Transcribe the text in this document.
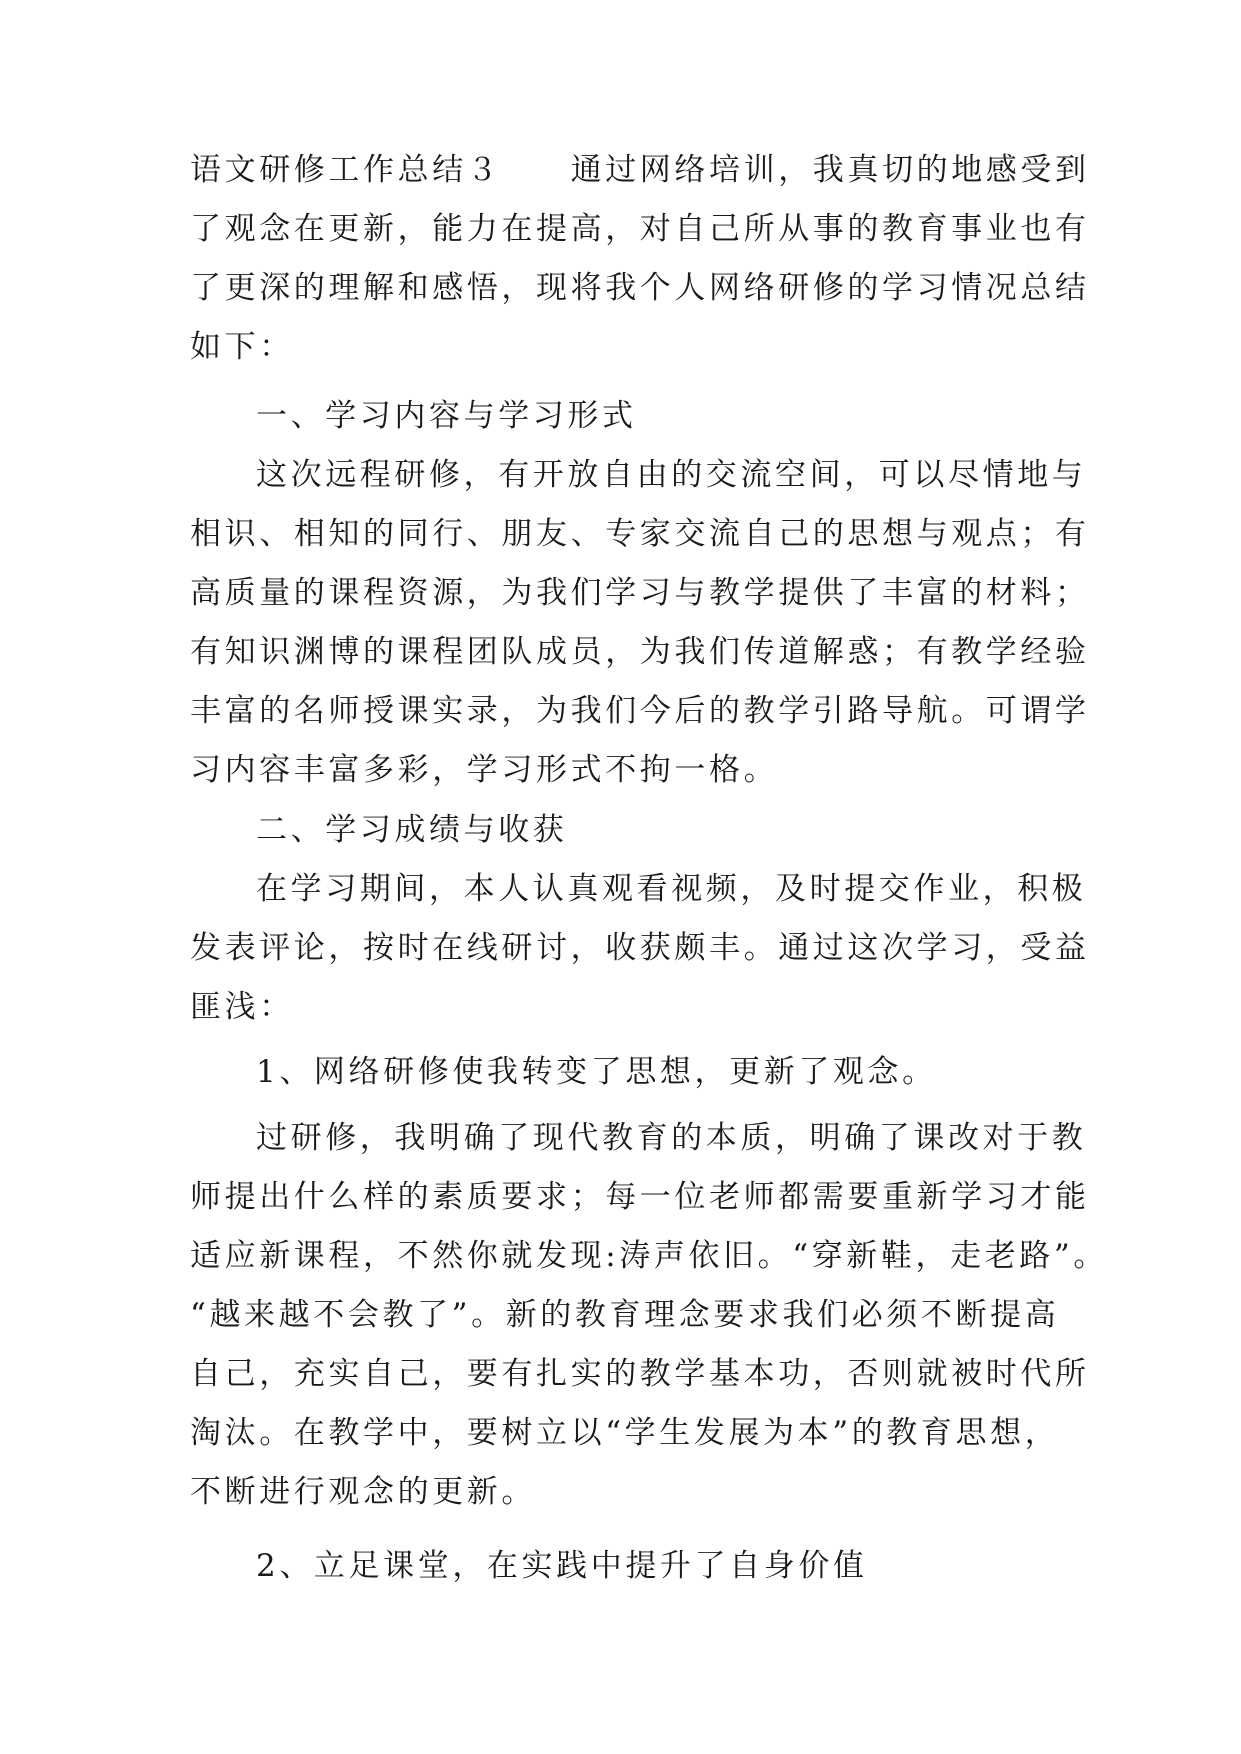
语文研修工作总结３　　通过网络培训，我真切的地感受到
了观念在更新，能力在提高，对自己所从事的教育事业也有
了更深的理解和感悟，现将我个人网络研修的学习情况总结
如下：
一、学习内容与学习形式
这次远程研修，有开放自由的交流空间，可以尽情地与
相识、相知的同行、朋友、专家交流自己的思想与观点；有
高质量的课程资源，为我们学习与教学提供了丰富的材料；
有知识渊博的课程团队成员，为我们传道解惑；有教学经验
丰富的名师授课实录，为我们今后的教学引路导航。可谓学
习内容丰富多彩，学习形式不拘一格。
二、学习成绩与收获
在学习期间，本人认真观看视频，及时提交作业，积极
发表评论，按时在线研讨，收获颇丰。通过这次学习，受益
匪浅：
1、网络研修使我转变了思想，更新了观念。
过研修，我明确了现代教育的本质，明确了课改对于教
师提出什么样的素质要求；每一位老师都需要重新学习才能
适应新课程，不然你就发现:涛声依旧。“穿新鞋，走老路”。
“越来越不会教了”。新的教育理念要求我们必须不断提高
自己，充实自己，要有扎实的教学基本功，否则就被时代所
淘汰。在教学中，要树立以“学生发展为本”的教育思想，
不断进行观念的更新。
2、立足课堂，在实践中提升了自身价值
